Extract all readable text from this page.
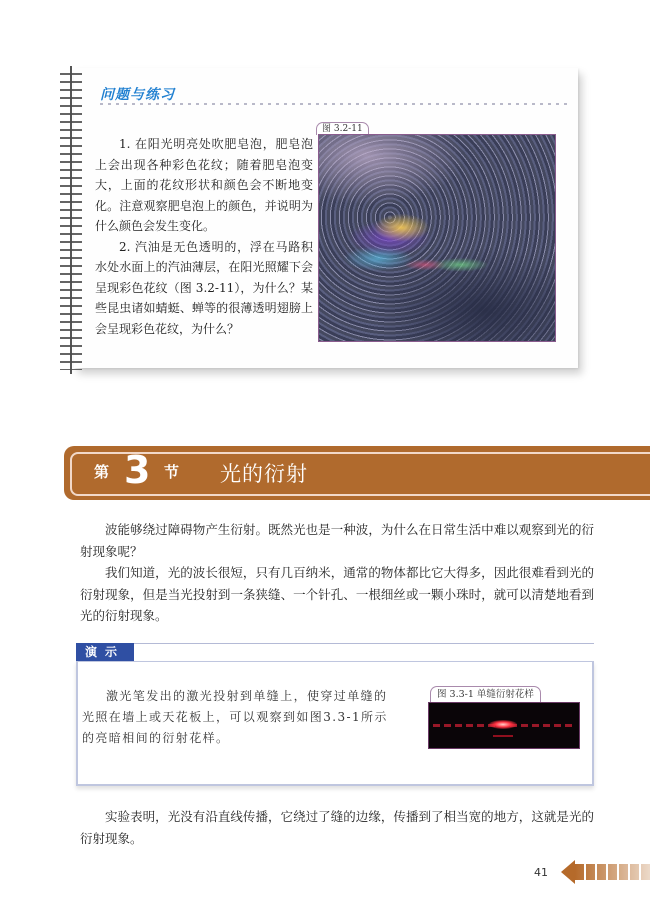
问题与练习

1. 在阳光明亮处吹肥皂泡，肥皂泡上会出现各种彩色花纹；随着肥皂泡变大，上面的花纹形状和颜色会不断地变化。注意观察肥皂泡上的颜色，并说明为什么颜色会发生变化。

2. 汽油是无色透明的，浮在马路积水处水面上的汽油薄层，在阳光照耀下会呈现彩色花纹（图 3.2-11），为什么？某些昆虫诸如蜻蜓、蝉等的很薄透明翅膀上会呈现彩色花纹，为什么？

图 3.2-11
第 3 节 光的衍射

波能够绕过障碍物产生衍射。既然光也是一种波，为什么在日常生活中难以观察到光的衍射现象呢？

我们知道，光的波长很短，只有几百纳米，通常的物体都比它大得多，因此很难看到光的衍射现象，但是当光投射到一条狭缝、一个针孔、一根细丝或一颗小珠时，就可以清楚地看到光的衍射现象。

演示

激光笔发出的激光投射到单缝上，使穿过单缝的光照在墙上或天花板上，可以观察到如图3.3-1所示的亮暗相间的衍射花样。

图 3.3-1 单缝衍射花样

实验表明，光没有沿直线传播，它绕过了缝的边缘，传播到了相当宽的地方，这就是光的衍射现象。

41
